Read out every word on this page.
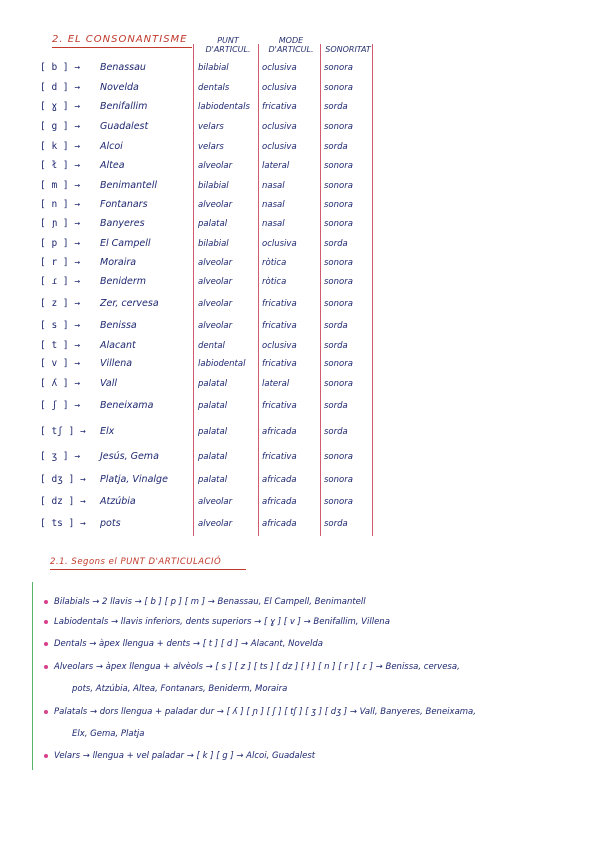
2. EL CONSONANTISME	PUNT
D'ARTICUL.
MODE
D'ARTICUL.	SONORITAT
[ b ] →	Benassau	bilabial	oclusiva	sonora
[ d ] →	Novelda	dentals	oclusiva	sonora
[ ɣ ] →	Benifallim	labiodentals	fricativa	sorda
[ g ] →	Guadalest	velars	oclusiva	sonora
[ k ] →	Alcoi	velars	oclusiva	sorda
[ ł ] →	Altea	alveolar	lateral	sonora
[ m ] →	Benimantell	bilabial	nasal	sonora
[ n ] →	Fontanars	alveolar	nasal	sonora
[ ɲ ] →	Banyeres	palatal	nasal	sonora
[ p ] →	El Campell	bilabial	oclusiva	sorda
[ r ] →	Moraira	alveolar	ròtica	sonora
[ ɾ ] →	Beniderm	alveolar	ròtica	sonora
[ z ] →	Zer, cervesa	alveolar	fricativa	sonora
[ s ] →	Benissa	alveolar	fricativa	sorda
[ t ] →	Alacant	dental	oclusiva	sorda
[ v ] →	Villena	labiodental	fricativa	sonora
[ ʎ ] →	Vall	palatal	lateral	sonora
[ ʃ ] →	Beneixama	palatal	fricativa	sorda
[ tʃ ] →	Elx	palatal	africada	sorda
[ ʒ ] →	Jesús, Gema	palatal	fricativa	sonora
[ dʒ ] →	Platja, Vinalge	palatal	africada	sonora
[ dz ] →	Atzúbia	alveolar	africada	sonora
[ ts ] →	pots	alveolar	africada	sorda
2.1. Segons el PUNT D'ARTICULACIÓ
Bilabials → 2 llavis → [ b ] [ p ] [ m ] → Benassau, El Campell, Benimantell
Labiodentals → llavis inferiors, dents superiors → [ ɣ ] [ v ] → Benifallim, Villena
Dentals → àpex llengua + dents → [ t ] [ d ] → Alacant, Novelda
Alveolars → àpex llengua + alvèols → [ s ] [ z ] [ ts ] [ dz ] [ ł ] [ n ] [ r ] [ ɾ ] → Benissa, cervesa,
pots, Atzúbia, Altea, Fontanars, Beniderm, Moraira
Palatals → dors llengua + paladar dur → [ ʎ ] [ ɲ ] [ ʃ ] [ tʃ ] [ ʒ ] [ dʒ ] → Vall, Banyeres, Beneixama,
Elx, Gema, Platja
Velars → llengua + vel paladar → [ k ] [ g ] → Alcoi, Guadalest
